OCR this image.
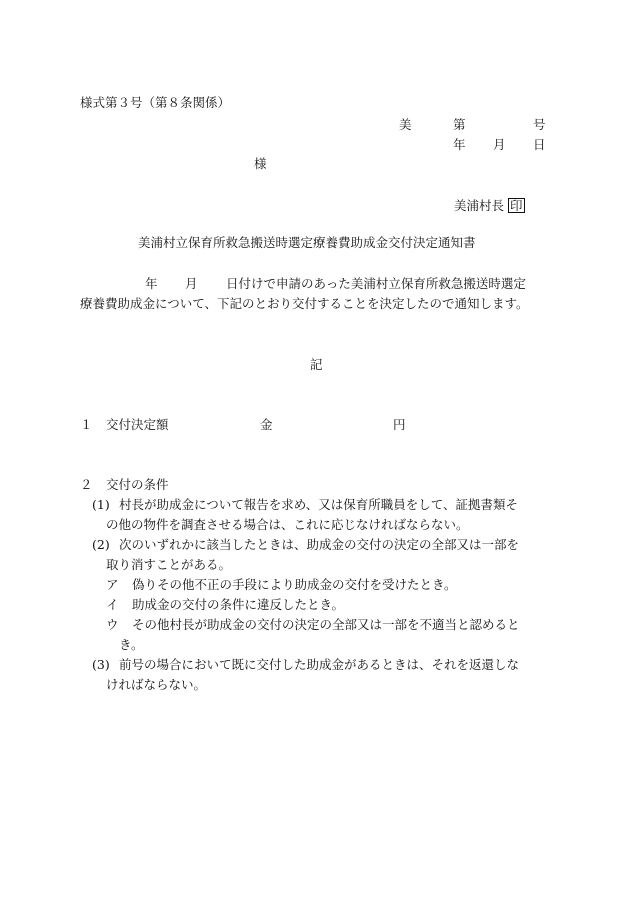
様式第３号（第８条関係）
美	第	号
年 月 日
様
美浦村長 印
美浦村立保育所救急搬送時選定療養費助成金交付決定通知書
年 月 日付けで申請のあった美浦村立保育所救急搬送時選定
療養費助成金について、下記のとおり交付することを決定したので通知します。
記
１ 交付決定額	金	円
２ 交付の条件
(1) 村長が助成金について報告を求め、又は保育所職員をして、証拠書類そ
の他の物件を調査させる場合は、これに応じなければならない。
(2) 次のいずれかに該当したときは、助成金の交付の決定の全部又は一部を
取り消すことがある。
ア 偽りその他不正の手段により助成金の交付を受けたとき。
イ 助成金の交付の条件に違反したとき。
ウ その他村長が助成金の交付の決定の全部又は一部を不適当と認めると
き。
(3) 前号の場合において既に交付した助成金があるときは、それを返還しな
ければならない。
